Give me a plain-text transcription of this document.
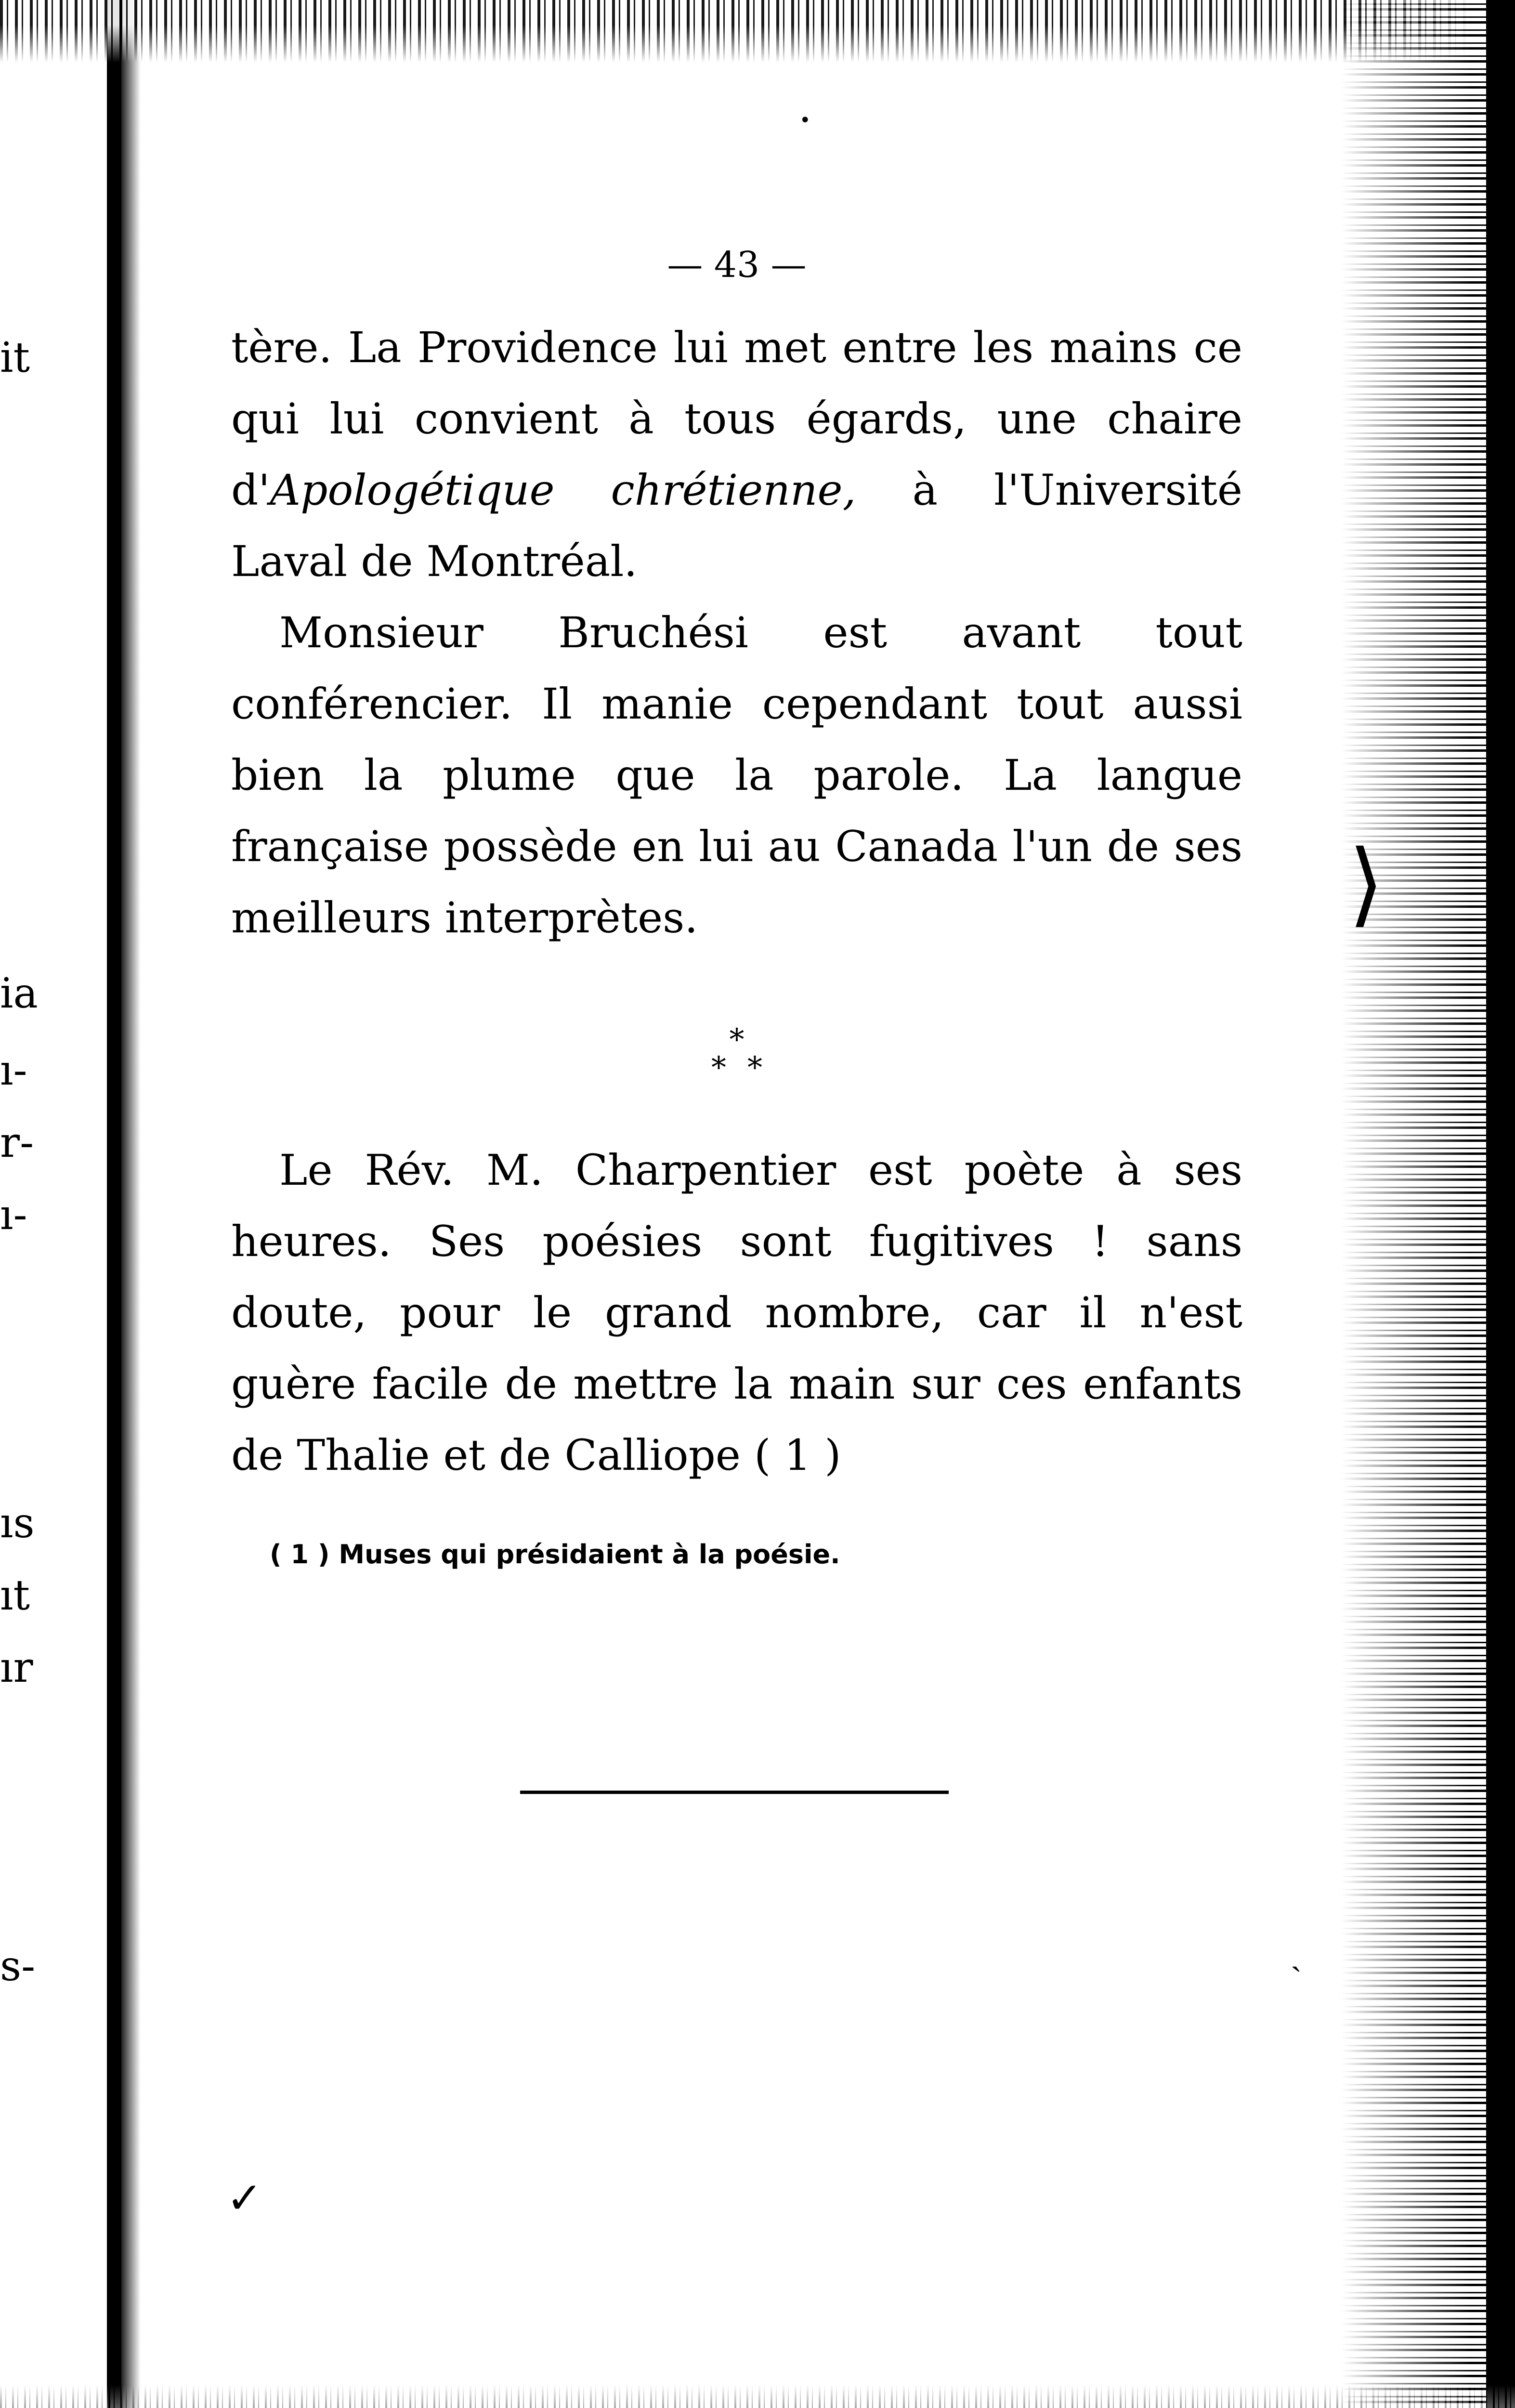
it
ia
ı-
r-
ı-
ıs
ıt
ır
s-
•
⟩
✓
ˏ
— 43 —

tère. La Providence lui met entre les mains ce qui lui convient à tous égards, une chaire d'Apologétique chrétienne, à l'Université Laval de Montréal.

Monsieur Bruchési est avant tout conférencier. Il manie cependant tout aussi bien la plume que la parole. La langue française possède en lui au Canada l'un de ses meilleurs interprètes.

*
* *

Le Rév. M. Charpentier est poète à ses heures. Ses poésies sont fugitives ! sans doute, pour le grand nombre, car il n'est guère facile de mettre la main sur ces enfants de Thalie et de Calliope ( 1 )

( 1 ) Muses qui présidaient à la poésie.
